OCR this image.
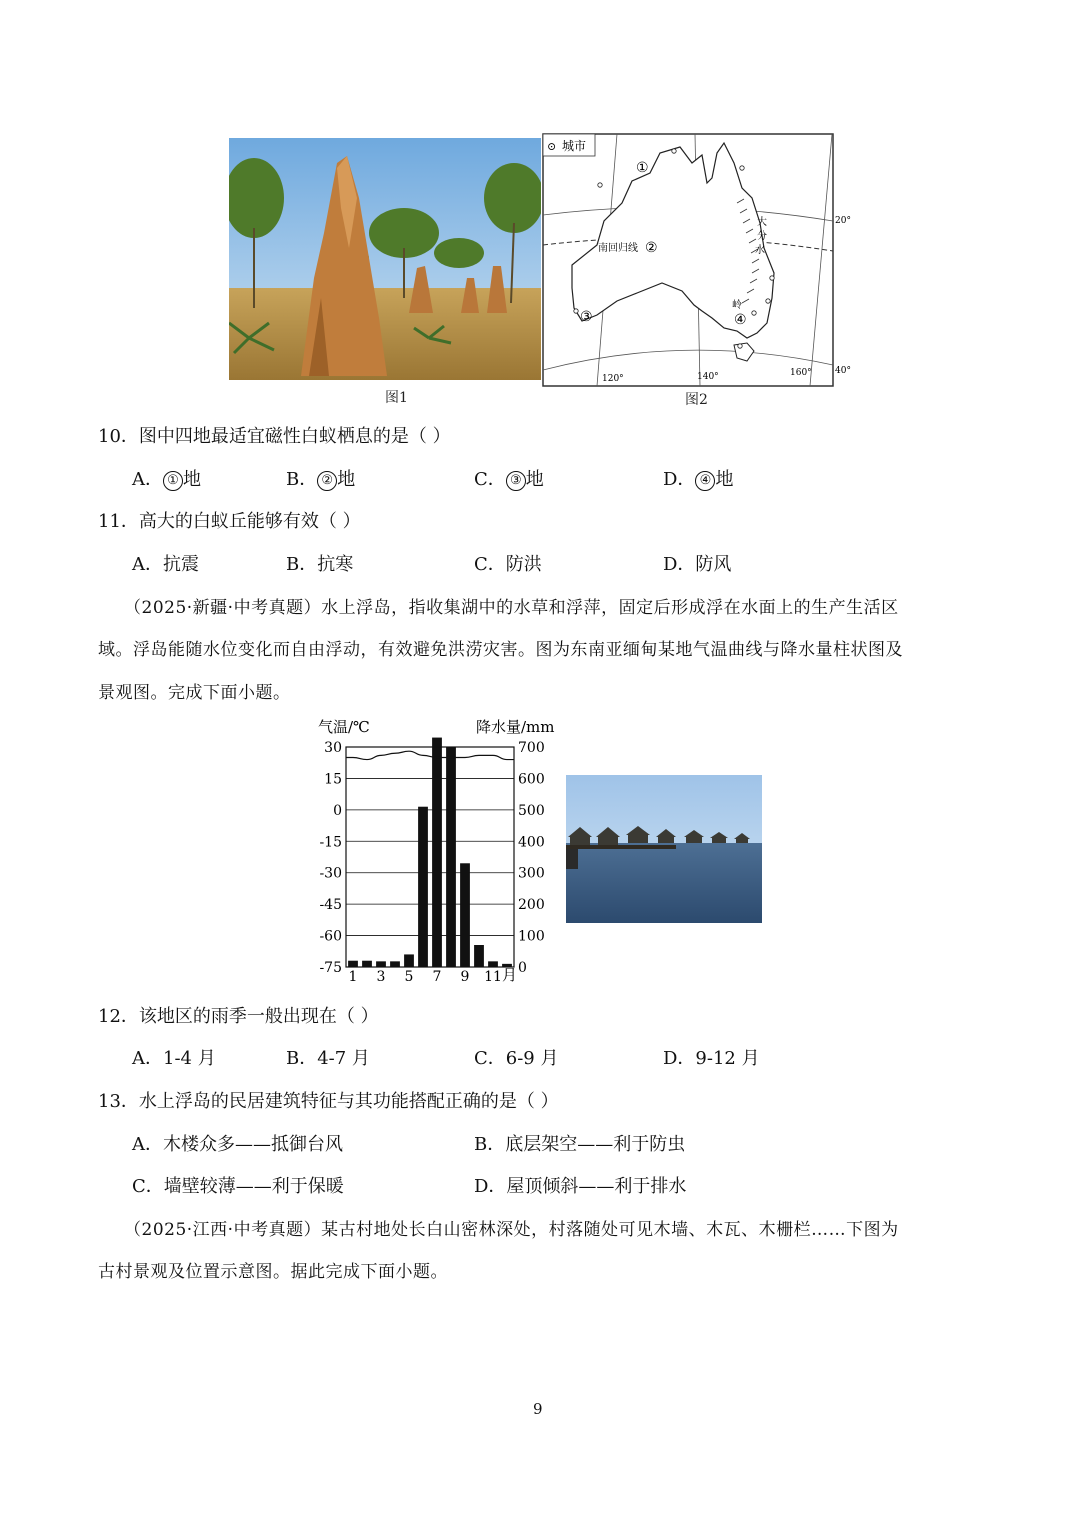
图1
⊙ 城市
大
分
水
岭
南回归线
①
②
③	④
20°
40°
120°	140°	160°
图2
10．图中四地最适宜磁性白蚁栖息的是（ ）
A． ① 地	B． ② 地	C． ③ 地	D． ④ 地
11．高大的白蚁丘能够有效（ ）
A．抗震	B．抗寒	C．防洪	D．防风
（2025·新疆·中考真题）水上浮岛，指收集湖中的水草和浮萍，固定后形成浮在水面上的生产生活区
域。浮岛能随水位变化而自由浮动，有效避免洪涝灾害。图为东南亚缅甸某地气温曲线与降水量柱状图及
景观图。完成下面小题。
气温/℃	降水量/mm
30
15
0
-15
-30
-45
-60
-75
700
600
500
400
300
200
100
0
1 3 5 7 9 11 月
12．该地区的雨季一般出现在（ ）
A．1-4 月	B．4-7 月	C．6-9 月	D．9-12 月
13．水上浮岛的民居建筑特征与其功能搭配正确的是（ ）
A．木楼众多——抵御台风	B．底层架空——利于防虫
C．墙壁较薄——利于保暖	D．屋顶倾斜——利于排水
（2025·江西·中考真题）某古村地处长白山密林深处，村落随处可见木墙、木瓦、木栅栏……下图为
古村景观及位置示意图。据此完成下面小题。
9
